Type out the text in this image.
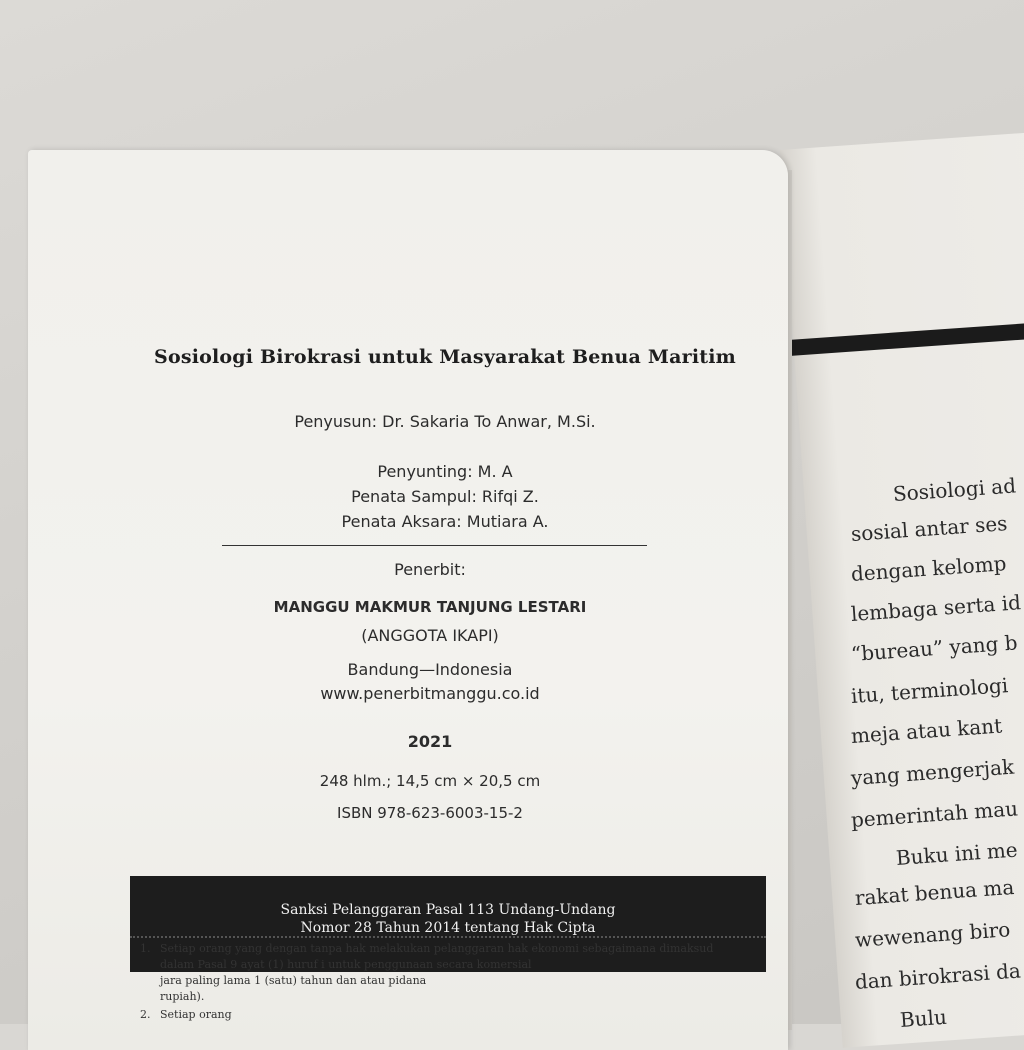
Sosiologi ad
sosial antar ses
dengan kelomp
lembaga serta id
“bureau” yang b
itu, terminologi
meja atau kant
yang mengerjak
pemerintah mau
Buku ini me
rakat benua ma
wewenang biro
dan birokrasi da
Bulu
Sosiologi Birokrasi untuk Masyarakat Benua Maritim
Penyusun: Dr. Sakaria To Anwar, M.Si.
Penyunting: M. A
Penata Sampul: Rifqi Z.
Penata Aksara: Mutiara A.
Penerbit:
MANGGU MAKMUR TANJUNG LESTARI
(ANGGOTA IKAPI)
Bandung—Indonesia
www.penerbitmanggu.co.id
2021
248 hlm.; 14,5 cm × 20,5 cm
ISBN 978-623-6003-15-2
Sanksi Pelanggaran Pasal 113 Undang-Undang
Nomor 28 Tahun 2014 tentang Hak Cipta
1. Setiap orang yang dengan tanpa hak melakukan pelanggaran hak ekonomi sebagaimana dimaksud
dalam Pasal 9 ayat (1) huruf i untuk penggunaan secara komersial
jara paling lama 1 (satu) tahun dan atau pidana
rupiah).
2. Setiap orang
